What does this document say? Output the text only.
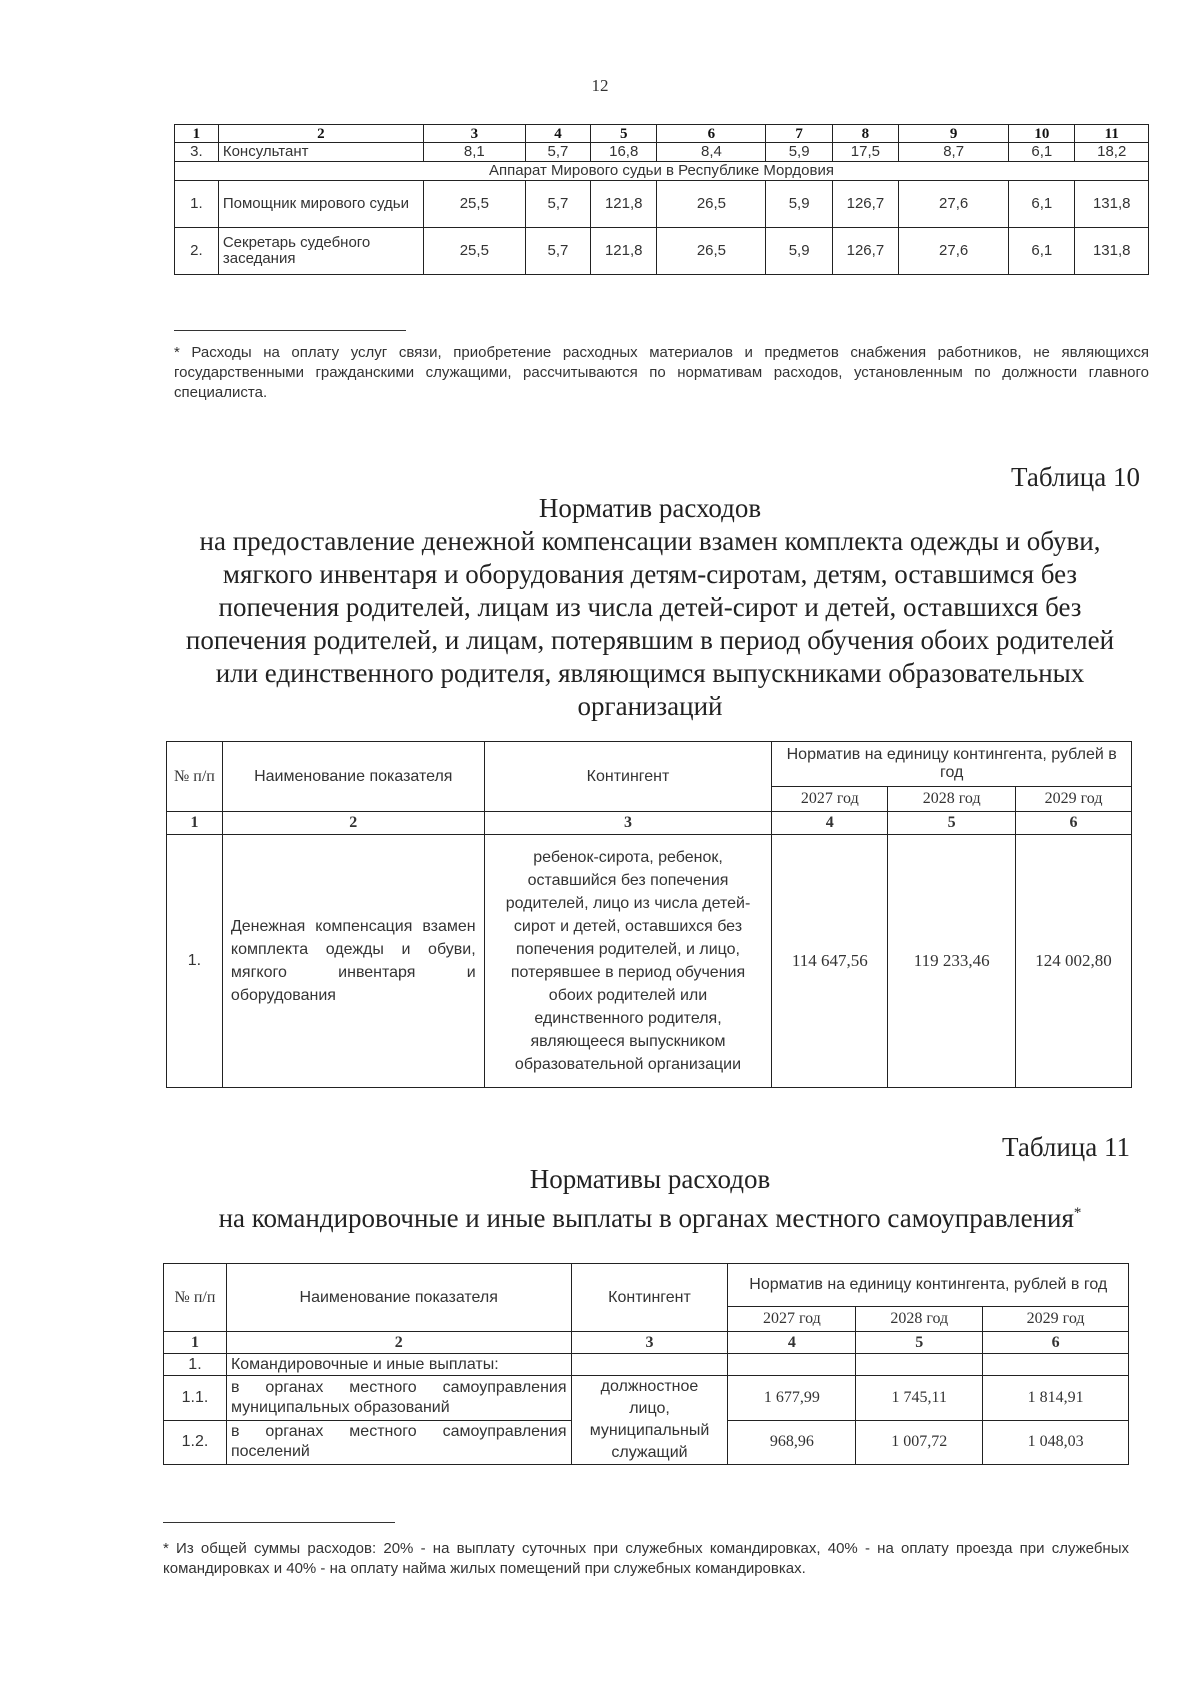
12
1	2	3	4	5	6	7	8	9	10	11
3.	Консультант	8,1	5,7	16,8	8,4	5,9	17,5	8,7	6,1	18,2
Аппарат Мирового судьи в Республике Мордовия										
1.	Помощник мирового судьи	25,5	5,7	121,8	26,5	5,9	126,7	27,6	6,1	131,8
2.	Секретарь судебного заседания	25,5	5,7	121,8	26,5	5,9	126,7	27,6	6,1	131,8
* Расходы на оплату услуг связи, приобретение расходных материалов и предметов снабжения работников, не являющихся государственными гражданскими служащими, рассчитываются по нормативам расходов, установленным по должности главного специалиста.
Таблица 10
Норматив расходов
на предоставление денежной компенсации взамен комплекта одежды и обуви, мягкого инвентаря и оборудования детям-сиротам, детям, оставшимся без попечения родителей, лицам из числа детей-сирот и детей, оставшихся без попечения родителей, и лицам, потерявшим в период обучения обоих родителей или единственного родителя, являющимся выпускниками образовательных организаций
№ п/п	Наименование показателя	Контингент	Норматив на единицу контингента, рублей в год		
			2027 год	2028 год	2029 год
1	2	3	4	5	6
1.	Денежная компенсация взамен комплекта одежды и обуви, мягкого инвентаря и оборудования	ребенок-сирота, ребенок, оставшийся без попечения родителей, лицо из числа детей-сирот и детей, оставшихся без попечения родителей, и лицо, потерявшее в период обучения обоих родителей или единственного родителя, являющееся выпускником образовательной организации	114 647,56	119 233,46	124 002,80
Таблица 11
Нормативы расходов
на командировочные и иные выплаты в органах местного самоуправления*
№ п/п	Наименование показателя	Контингент	Норматив на единицу контингента, рублей в год		
			2027 год	2028 год	2029 год
1	2	3	4	5	6
1.	Командировочные и иные выплаты:				
1.1.	в органах местного самоуправления муниципальных образований	должностное лицо, муниципальный служащий	1 677,99	1 745,11	1 814,91
1.2.	в органах местного самоуправления поселений		968,96	1 007,72	1 048,03
* Из общей суммы расходов: 20% - на выплату суточных при служебных командировках, 40% - на оплату проезда при служебных командировках и 40% - на оплату найма жилых помещений при служебных командировках.
